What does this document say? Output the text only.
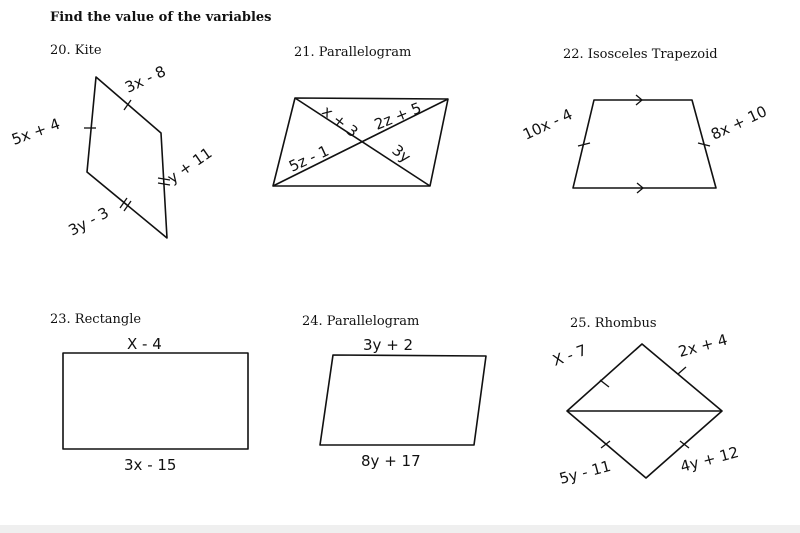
Find the value of the variables
20. Kite	21. Parallelogram	22. Isosceles Trapezoid
23. Rectangle	24. Parallelogram	25. Rhombus
3x - 8
5x + 4
y + 11
3y - 3
x + 3 2z + 5
5z - 1	3y
10x - 4	8x + 10
X - 4
3x - 15
3y + 2
8y + 17
X - 7	2x + 4
5y - 11	4y + 12
